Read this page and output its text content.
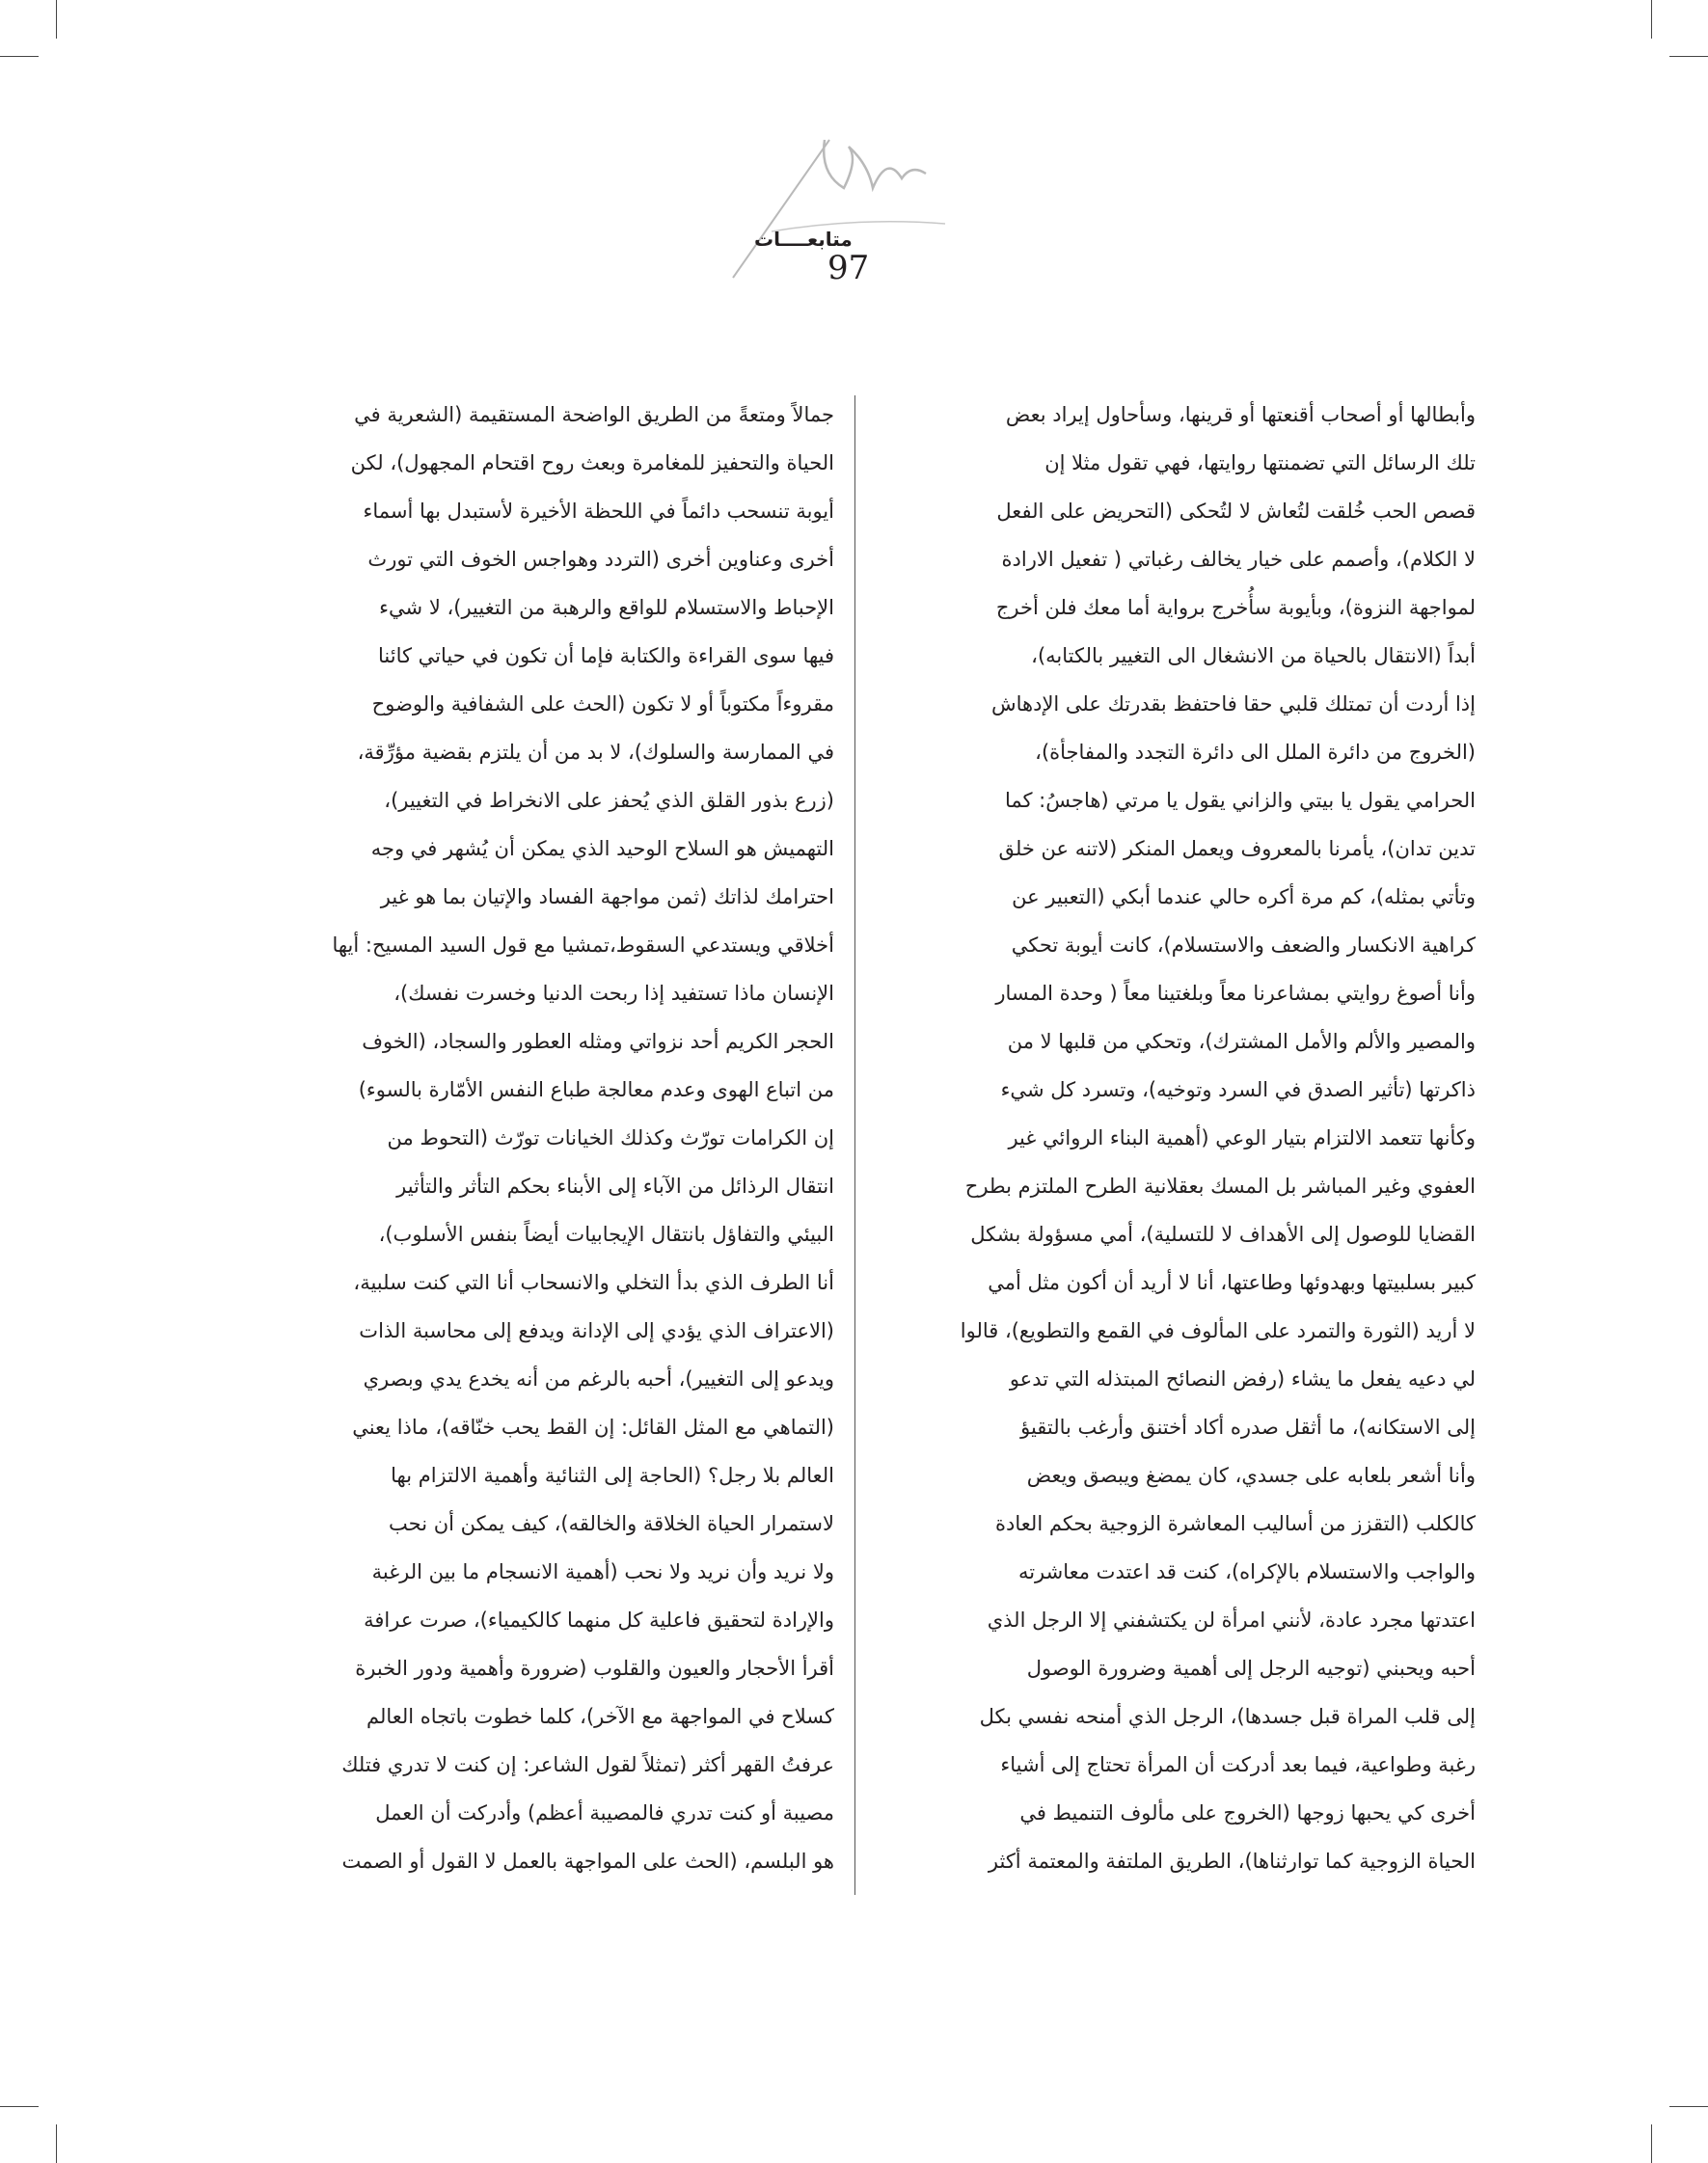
متابعــــات
97
وأبطالها أو أصحاب أقنعتها أو قرينها، وسأحاول إيراد بعض
تلك الرسائل التي تضمنتها روايتها، فهي تقول مثلا إن
قصص الحب خُلقت لتُعاش لا لتُحكى (التحريض على الفعل
لا الكلام)، وأصمم على خيار يخالف رغباتي ( تفعيل الارادة
لمواجهة النزوة)، وبأيوبة سأُخرج برواية أما معك فلن أخرج
أبداً (الانتقال بالحياة من الانشغال الى التغيير بالكتابه)،
إذا أردت أن تمتلك قلبي حقا فاحتفظ بقدرتك على الإدهاش
(الخروج من دائرة الملل الى دائرة التجدد والمفاجأة)،
الحرامي يقول يا بيتي والزاني يقول يا مرتي (هاجسُ: كما
تدين تدان)، يأمرنا بالمعروف ويعمل المنكر (لاتنه عن خلق
وتأتي بمثله)، كم مرة أكره حالي عندما أبكي (التعبير عن
كراهية الانكسار والضعف والاستسلام)، كانت أيوبة تحكي
وأنا أصوغ روايتي بمشاعرنا معاً وبلغتينا معاً ( وحدة المسار
والمصير والألم والأمل المشترك)، وتحكي من قلبها لا من
ذاكرتها (تأثير الصدق في السرد وتوخيه)، وتسرد كل شيء
وكأنها تتعمد الالتزام بتيار الوعي (أهمية البناء الروائي غير
العفوي وغير المباشر بل المسك بعقلانية الطرح الملتزم بطرح
القضايا للوصول إلى الأهداف لا للتسلية)، أمي مسؤولة بشكل
كبير بسلبيتها وبهدوئها وطاعتها، أنا لا أريد أن أكون مثل أمي
لا أريد (الثورة والتمرد على المألوف في القمع والتطويع)، قالوا
لي دعيه يفعل ما يشاء (رفض النصائح المبتذله التي تدعو
إلى الاستكانه)، ما أثقل صدره أكاد أختنق وأرغب بالتقيؤ
وأنا أشعر بلعابه على جسدي، كان يمضغ ويبصق ويعض
كالكلب (التقزز من أساليب المعاشرة الزوجية بحكم العادة
والواجب والاستسلام بالإكراه)، كنت قد اعتدت معاشرته
اعتدتها مجرد عادة، لأنني امرأة لن يكتشفني إلا الرجل الذي
أحبه ويحبني (توجيه الرجل إلى أهمية وضرورة الوصول
إلى قلب المراة قبل جسدها)، الرجل الذي أمنحه نفسي بكل
رغبة وطواعية، فيما بعد أدركت أن المرأة تحتاج إلى أشياء
أخرى كي يحبها زوجها (الخروج على مألوف التنميط في
الحياة الزوجية كما توارثناها)، الطريق الملتفة والمعتمة أكثر
جمالاً ومتعةً من الطريق الواضحة المستقيمة (الشعرية في
الحياة والتحفيز للمغامرة وبعث روح اقتحام المجهول)، لكن
أيوبة تنسحب دائماً في اللحظة الأخيرة لأستبدل بها أسماء
أخرى وعناوين أخرى (التردد وهواجس الخوف التي تورث
الإحباط والاستسلام للواقع والرهبة من التغيير)، لا شيء
فيها سوى القراءة والكتابة فإما أن تكون في حياتي كائنا
مقروءاً مكتوباً أو لا تكون (الحث على الشفافية والوضوح
في الممارسة والسلوك)، لا بد من أن يلتزم بقضية مؤرِّقة،
(زرع بذور القلق الذي يُحفز على الانخراط في التغيير)،
التهميش هو السلاح الوحيد الذي يمكن أن يُشهر في وجه
احترامك لذاتك (ثمن مواجهة الفساد والإتيان بما هو غير
أخلاقي ويستدعي السقوط،تمشيا مع قول السيد المسيح: أيها
الإنسان ماذا تستفيد إذا ربحت الدنيا وخسرت نفسك)،
الحجر الكريم أحد نزواتي ومثله العطور والسجاد، (الخوف
من اتباع الهوى وعدم معالجة طباع النفس الأمّارة بالسوء)
إن الكرامات تورّث وكذلك الخيانات تورّث (التحوط من
انتقال الرذائل من الآباء إلى الأبناء بحكم التأثر والتأثير
البيئي والتفاؤل بانتقال الإيجابيات أيضاً بنفس الأسلوب)،
أنا الطرف الذي بدأ التخلي والانسحاب أنا التي كنت سلبية،
(الاعتراف الذي يؤدي إلى الإدانة ويدفع إلى محاسبة الذات
ويدعو إلى التغيير)، أحبه بالرغم من أنه يخدع يدي وبصري
(التماهي مع المثل القائل: إن القط يحب خنّاقه)، ماذا يعني
العالم بلا رجل؟ (الحاجة إلى الثنائية وأهمية الالتزام بها
لاستمرار الحياة الخلاقة والخالقه)، كيف يمكن أن نحب
ولا نريد وأن نريد ولا نحب (أهمية الانسجام ما بين الرغبة
والإرادة لتحقيق فاعلية كل منهما كالكيمياء)، صرت عرافة
أقرأ الأحجار والعيون والقلوب (ضرورة وأهمية ودور الخبرة
كسلاح في المواجهة مع الآخر)، كلما خطوت باتجاه العالم
عرفتُ القهر أكثر (تمثلاً لقول الشاعر: إن كنت لا تدري فتلك
مصيبة أو كنت تدري فالمصيبة أعظم) وأدركت أن العمل
هو البلسم، (الحث على المواجهة بالعمل لا القول أو الصمت
